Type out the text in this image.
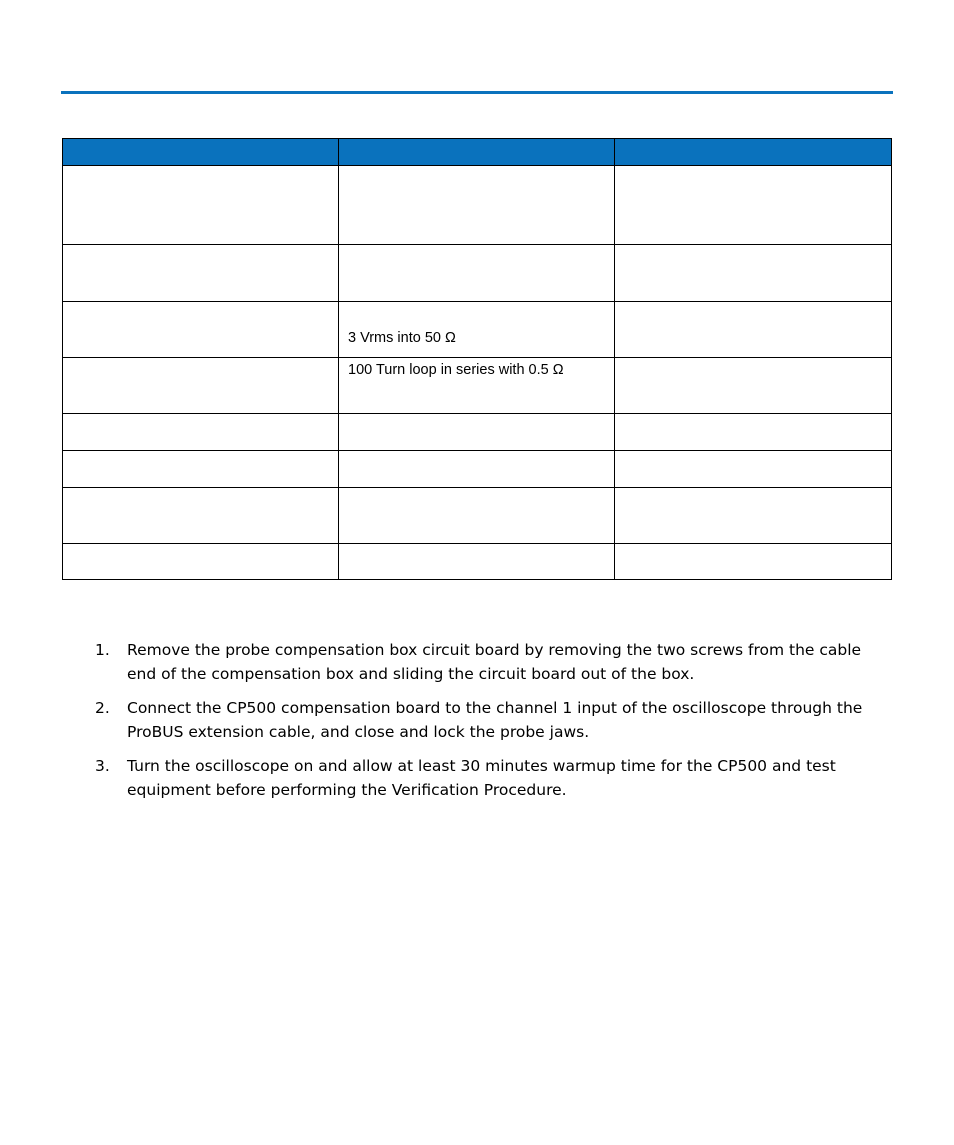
	3 Vrms into 50 Ω	
	100 Turn loop in series with 0.5 Ω	

1. Remove the probe compensation box circuit board by removing the two screws from the cable end of the compensation box and sliding the circuit board out of the box.
2. Connect the CP500 compensation board to the channel 1 input of the oscilloscope through the ProBUS extension cable, and close and lock the probe jaws.
3. Turn the oscilloscope on and allow at least 30 minutes warmup time for the CP500 and test equipment before performing the Verification Procedure.
